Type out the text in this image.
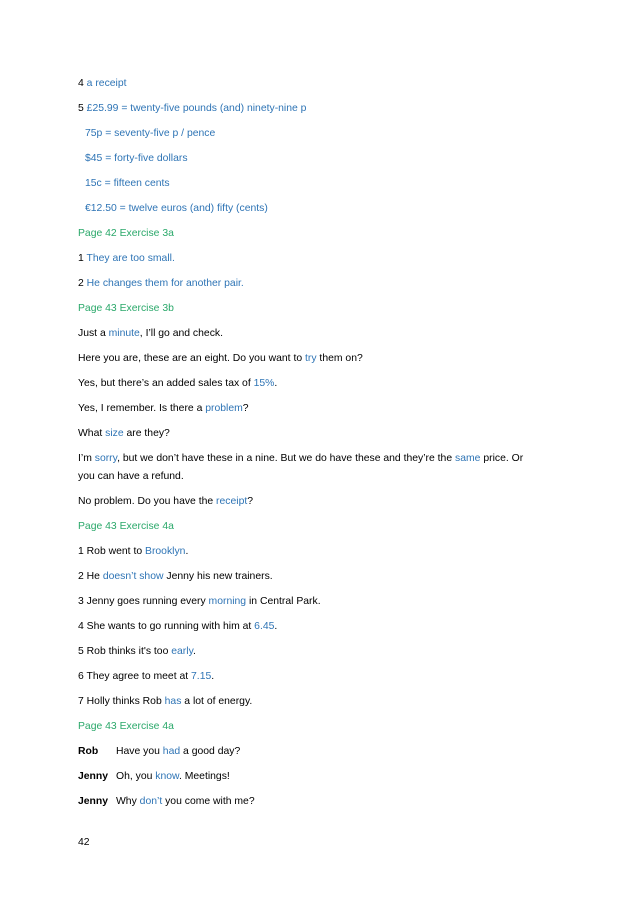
4 a receipt
5 £25.99 = twenty-five pounds (and) ninety-nine p
75p = seventy-five p / pence
$45 = forty-five dollars
15c = fifteen cents
€12.50 = twelve euros (and) fifty (cents)
Page 42 Exercise 3a
1 They are too small.
2 He changes them for another pair.
Page 43 Exercise 3b
Just a minute, I’ll go and check.
Here you are, these are an eight. Do you want to try them on?
Yes, but there’s an added sales tax of 15%.
Yes, I remember. Is there a problem?
What size are they?
I’m sorry, but we don’t have these in a nine. But we do have these and they’re the same price. Or
you can have a refund.
No problem. Do you have the receipt?
Page 43 Exercise 4a
1 Rob went to Brooklyn.
2 He doesn’t show Jenny his new trainers.
3 Jenny goes running every morning in Central Park.
4 She wants to go running with him at 6.45.
5 Rob thinks it's too early.
6 They agree to meet at 7.15.
7 Holly thinks Rob has a lot of energy.
Page 43 Exercise 4a
Rob Have you had a good day?
Jenny Oh, you know. Meetings!
Jenny Why don’t you come with me?
42
